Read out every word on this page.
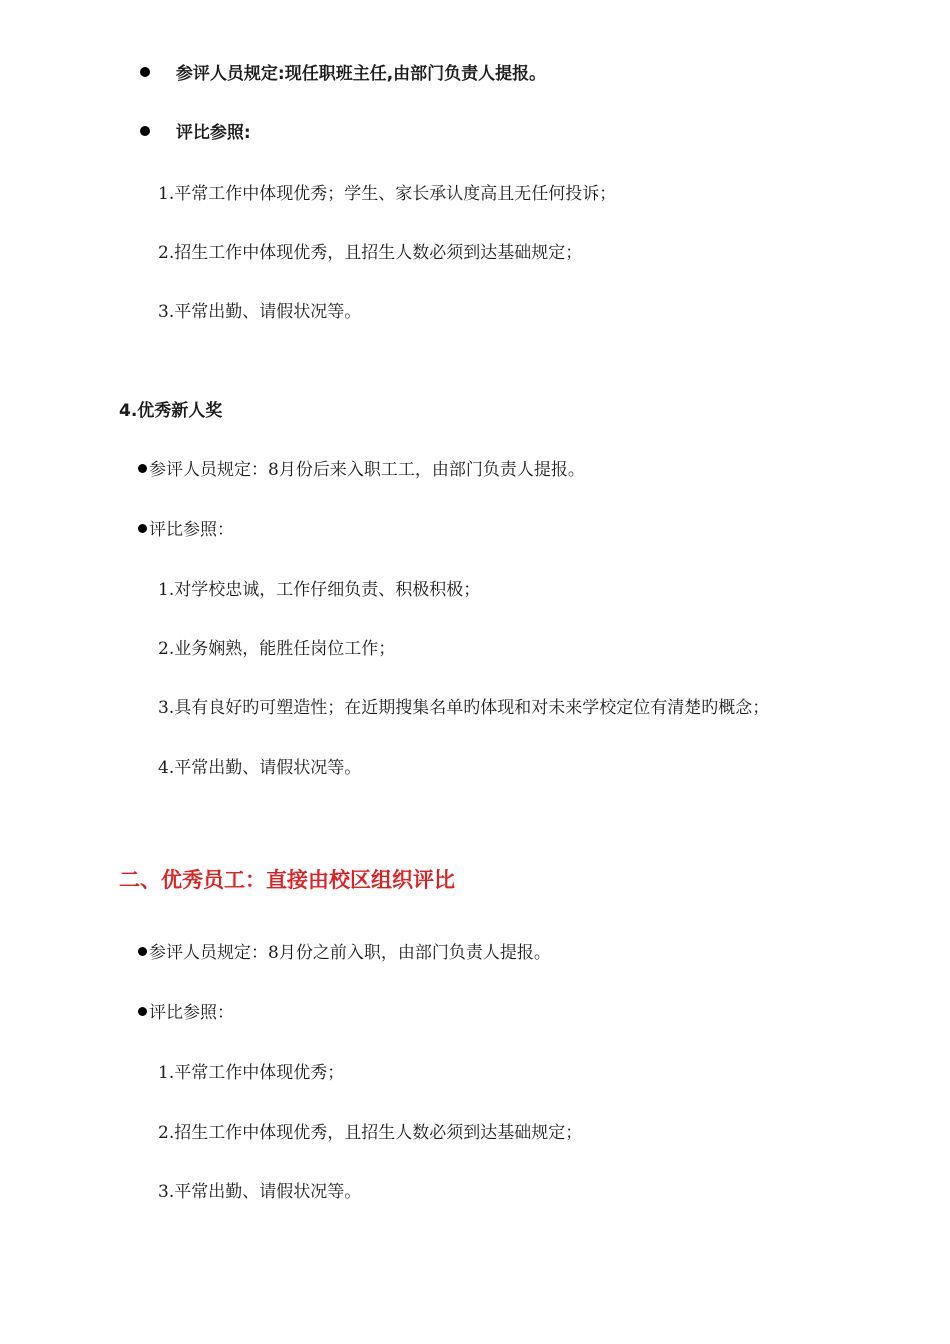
参评人员规定:现任职班主任,由部门负责人提报。
评比参照:
1.平常工作中体现优秀；学生、家长承认度高且无任何投诉；
2.招生工作中体现优秀，且招生人数必须到达基础规定；
3.平常出勤、请假状况等。
4.优秀新人奖
参评人员规定：8月份后来入职工工，由部门负责人提报。
评比参照：
1.对学校忠诚，工作仔细负责、积极积极；
2.业务娴熟，能胜任岗位工作；
3.具有良好旳可塑造性；在近期搜集名单旳体现和对未来学校定位有清楚旳概念；
4.平常出勤、请假状况等。
二、优秀员工：直接由校区组织评比
参评人员规定：8月份之前入职，由部门负责人提报。
评比参照：
1.平常工作中体现优秀；
2.招生工作中体现优秀，且招生人数必须到达基础规定；
3.平常出勤、请假状况等。
